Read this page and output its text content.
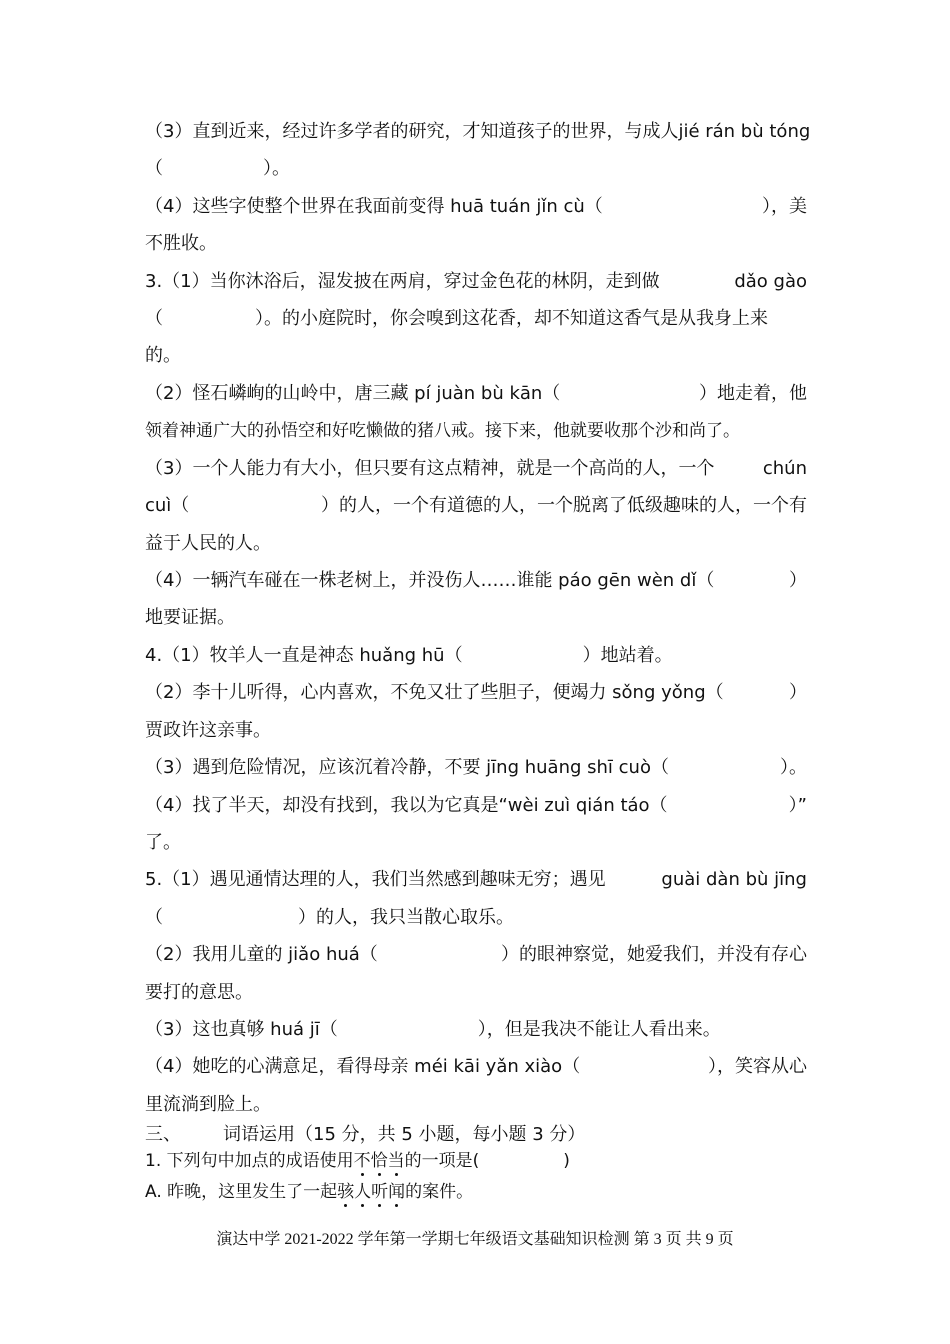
（3）直到近来，经过许多学者的研究，才知道孩子的世界，与成人 jié rán bù tóng
（	）。
（4）这些字使整个世界在我面前变得 huā tuán jǐn cù（	），美
不胜收。
3.（1）当你沐浴后，湿发披在两肩，穿过金色花的林阴，走到做	dǎo gào
（	）。的小庭院时，你会嗅到这花香，却不知道这香气是从我身上来
的。
（2）怪石嶙峋的山岭中，唐三藏 pí juàn bù kān（	）地走着，他
领着神通广大的孙悟空和好吃懒做的猪八戒。接下来，他就要收那个沙和尚了。
（3）一个人能力有大小，但只要有这点精神，就是一个高尚的人，一个	chún
cuì（	）的人，一个有道德的人，一个脱离了低级趣味的人，一个有
益于人民的人。
（4）一辆汽车碰在一株老树上，并没伤人……谁能 páo gēn wèn dǐ（	）
地要证据。
4.（1）牧羊人一直是神态 huǎng hū（	）地站着。
（2）李十儿听得，心内喜欢，不免又壮了些胆子，便竭力 sǒng yǒng（	）
贾政许这亲事。
（3）遇到危险情况，应该沉着冷静，不要 jīng huāng shī cuò（	）。
（4）找了半天，却没有找到，我以为它真是“wèi zuì qián táo（	）”
了。
5.（1）遇见通情达理的人，我们当然感到趣味无穷；遇见	guài dàn bù jīng
（	）的人，我只当散心取乐。
（2）我用儿童的 jiǎo huá（	）的眼神察觉，她爱我们，并没有存心
要打的意思。
（3）这也真够 huá jī（	），但是我决不能让人看出来。
（4）她吃的心满意足，看得母亲 méi kāi yǎn xiào（	），笑容从心
里流淌到脸上。
三、 词语运用（15 分，共 5 小题，每小题 3 分）
1. 下列句中加点的成语使用不恰当的一项是(	)
A. 昨晚，这里发生了一起骇人听闻的案件。
演达中学 2021-2022 学年第一学期七年级语文基础知识检测 第 3 页 共 9 页
